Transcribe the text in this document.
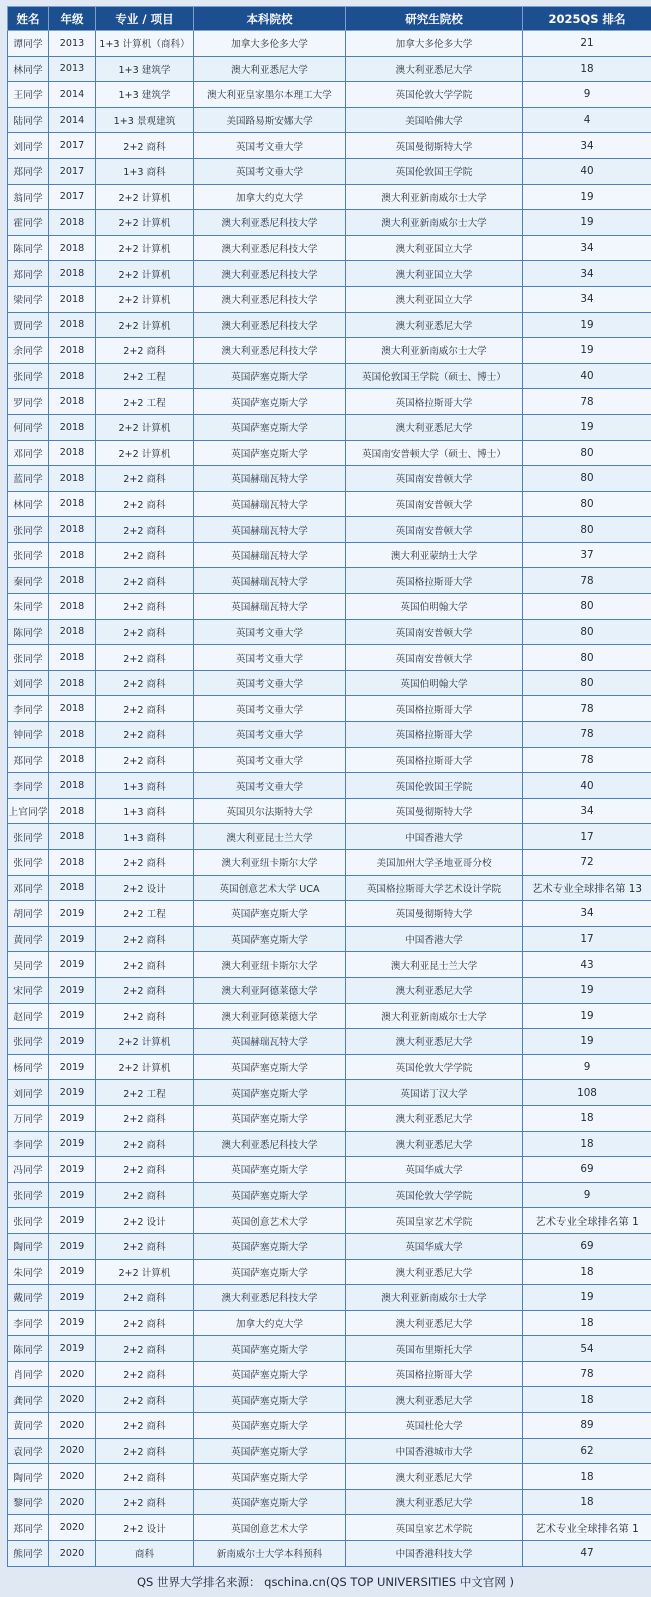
姓名	年级	专业 / 项目	本科院校	研究生院校	2025QS 排名
谭同学	2013	1+3 计算机（商科）	加拿大多伦多大学	加拿大多伦多大学	21
林同学	2013	1+3 建筑学	澳大利亚悉尼大学	澳大利亚悉尼大学	18
王同学	2014	1+3 建筑学	澳大利亚皇家墨尔本理工大学	英国伦敦大学学院	9
陆同学	2014	1+3 景观建筑	美国路易斯安娜大学	美国哈佛大学	4
刘同学	2017	2+2 商科	英国考文垂大学	英国曼彻斯特大学	34
郑同学	2017	1+3 商科	英国考文垂大学	英国伦敦国王学院	40
翁同学	2017	2+2 计算机	加拿大约克大学	澳大利亚新南威尔士大学	19
霍同学	2018	2+2 计算机	澳大利亚悉尼科技大学	澳大利亚新南威尔士大学	19
陈同学	2018	2+2 计算机	澳大利亚悉尼科技大学	澳大利亚国立大学	34
郑同学	2018	2+2 计算机	澳大利亚悉尼科技大学	澳大利亚国立大学	34
梁同学	2018	2+2 计算机	澳大利亚悉尼科技大学	澳大利亚国立大学	34
贾同学	2018	2+2 计算机	澳大利亚悉尼科技大学	澳大利亚悉尼大学	19
余同学	2018	2+2 商科	澳大利亚悉尼科技大学	澳大利亚新南威尔士大学	19
张同学	2018	2+2 工程	英国萨塞克斯大学	英国伦敦国王学院（硕士、博士）	40
罗同学	2018	2+2 工程	英国萨塞克斯大学	英国格拉斯哥大学	78
何同学	2018	2+2 计算机	英国萨塞克斯大学	澳大利亚悉尼大学	19
邓同学	2018	2+2 计算机	英国萨塞克斯大学	英国南安普顿大学（硕士、博士）	80
蓝同学	2018	2+2 商科	英国赫瑞瓦特大学	英国南安普顿大学	80
林同学	2018	2+2 商科	英国赫瑞瓦特大学	英国南安普顿大学	80
张同学	2018	2+2 商科	英国赫瑞瓦特大学	英国南安普顿大学	80
张同学	2018	2+2 商科	英国赫瑞瓦特大学	澳大利亚蒙纳士大学	37
秦同学	2018	2+2 商科	英国赫瑞瓦特大学	英国格拉斯哥大学	78
朱同学	2018	2+2 商科	英国赫瑞瓦特大学	英国伯明翰大学	80
陈同学	2018	2+2 商科	英国考文垂大学	英国南安普顿大学	80
张同学	2018	2+2 商科	英国考文垂大学	英国南安普顿大学	80
刘同学	2018	2+2 商科	英国考文垂大学	英国伯明翰大学	80
李同学	2018	2+2 商科	英国考文垂大学	英国格拉斯哥大学	78
钟同学	2018	2+2 商科	英国考文垂大学	英国格拉斯哥大学	78
郑同学	2018	2+2 商科	英国考文垂大学	英国格拉斯哥大学	78
李同学	2018	1+3 商科	英国考文垂大学	英国伦敦国王学院	40
上官同学	2018	1+3 商科	英国贝尔法斯特大学	英国曼彻斯特大学	34
张同学	2018	1+3 商科	澳大利亚昆士兰大学	中国香港大学	17
张同学	2018	2+2 商科	澳大利亚纽卡斯尔大学	美国加州大学圣地亚哥分校	72
邓同学	2018	2+2 设计	英国创意艺术大学 UCA	英国格拉斯哥大学艺术设计学院	艺术专业全球排名第 13
胡同学	2019	2+2 工程	英国萨塞克斯大学	英国曼彻斯特大学	34
黄同学	2019	2+2 商科	英国萨塞克斯大学	中国香港大学	17
吴同学	2019	2+2 商科	澳大利亚纽卡斯尔大学	澳大利亚昆士兰大学	43
宋同学	2019	2+2 商科	澳大利亚阿德莱德大学	澳大利亚悉尼大学	19
赵同学	2019	2+2 商科	澳大利亚阿德莱德大学	澳大利亚新南威尔士大学	19
张同学	2019	2+2 计算机	英国赫瑞瓦特大学	澳大利亚悉尼大学	19
杨同学	2019	2+2 计算机	英国萨塞克斯大学	英国伦敦大学学院	9
刘同学	2019	2+2 工程	英国萨塞克斯大学	英国诺丁汉大学	108
万同学	2019	2+2 商科	英国萨塞克斯大学	澳大利亚悉尼大学	18
李同学	2019	2+2 商科	澳大利亚悉尼科技大学	澳大利亚悉尼大学	18
冯同学	2019	2+2 商科	英国萨塞克斯大学	英国华威大学	69
张同学	2019	2+2 商科	英国萨塞克斯大学	英国伦敦大学学院	9
张同学	2019	2+2 设计	英国创意艺术大学	英国皇家艺术学院	艺术专业全球排名第 1
陶同学	2019	2+2 商科	英国萨塞克斯大学	英国华威大学	69
朱同学	2019	2+2 计算机	英国萨塞克斯大学	澳大利亚悉尼大学	18
戴同学	2019	2+2 商科	澳大利亚悉尼科技大学	澳大利亚新南威尔士大学	19
李同学	2019	2+2 商科	加拿大约克大学	澳大利亚悉尼大学	18
陈同学	2019	2+2 商科	英国萨塞克斯大学	英国布里斯托大学	54
肖同学	2020	2+2 商科	英国萨塞克斯大学	英国格拉斯哥大学	78
龚同学	2020	2+2 商科	英国萨塞克斯大学	澳大利亚悉尼大学	18
黄同学	2020	2+2 商科	英国萨塞克斯大学	英国杜伦大学	89
袁同学	2020	2+2 商科	英国萨塞克斯大学	中国香港城市大学	62
陶同学	2020	2+2 商科	英国萨塞克斯大学	澳大利亚悉尼大学	18
黎同学	2020	2+2 商科	英国萨塞克斯大学	澳大利亚悉尼大学	18
郑同学	2020	2+2 设计	英国创意艺术大学	英国皇家艺术学院	艺术专业全球排名第 1
熊同学	2020	商科	新南威尔士大学本科预科	中国香港科技大学	47
QS 世界大学排名来源： qschina.cn(QS TOP UNIVERSITIES 中文官网 )
